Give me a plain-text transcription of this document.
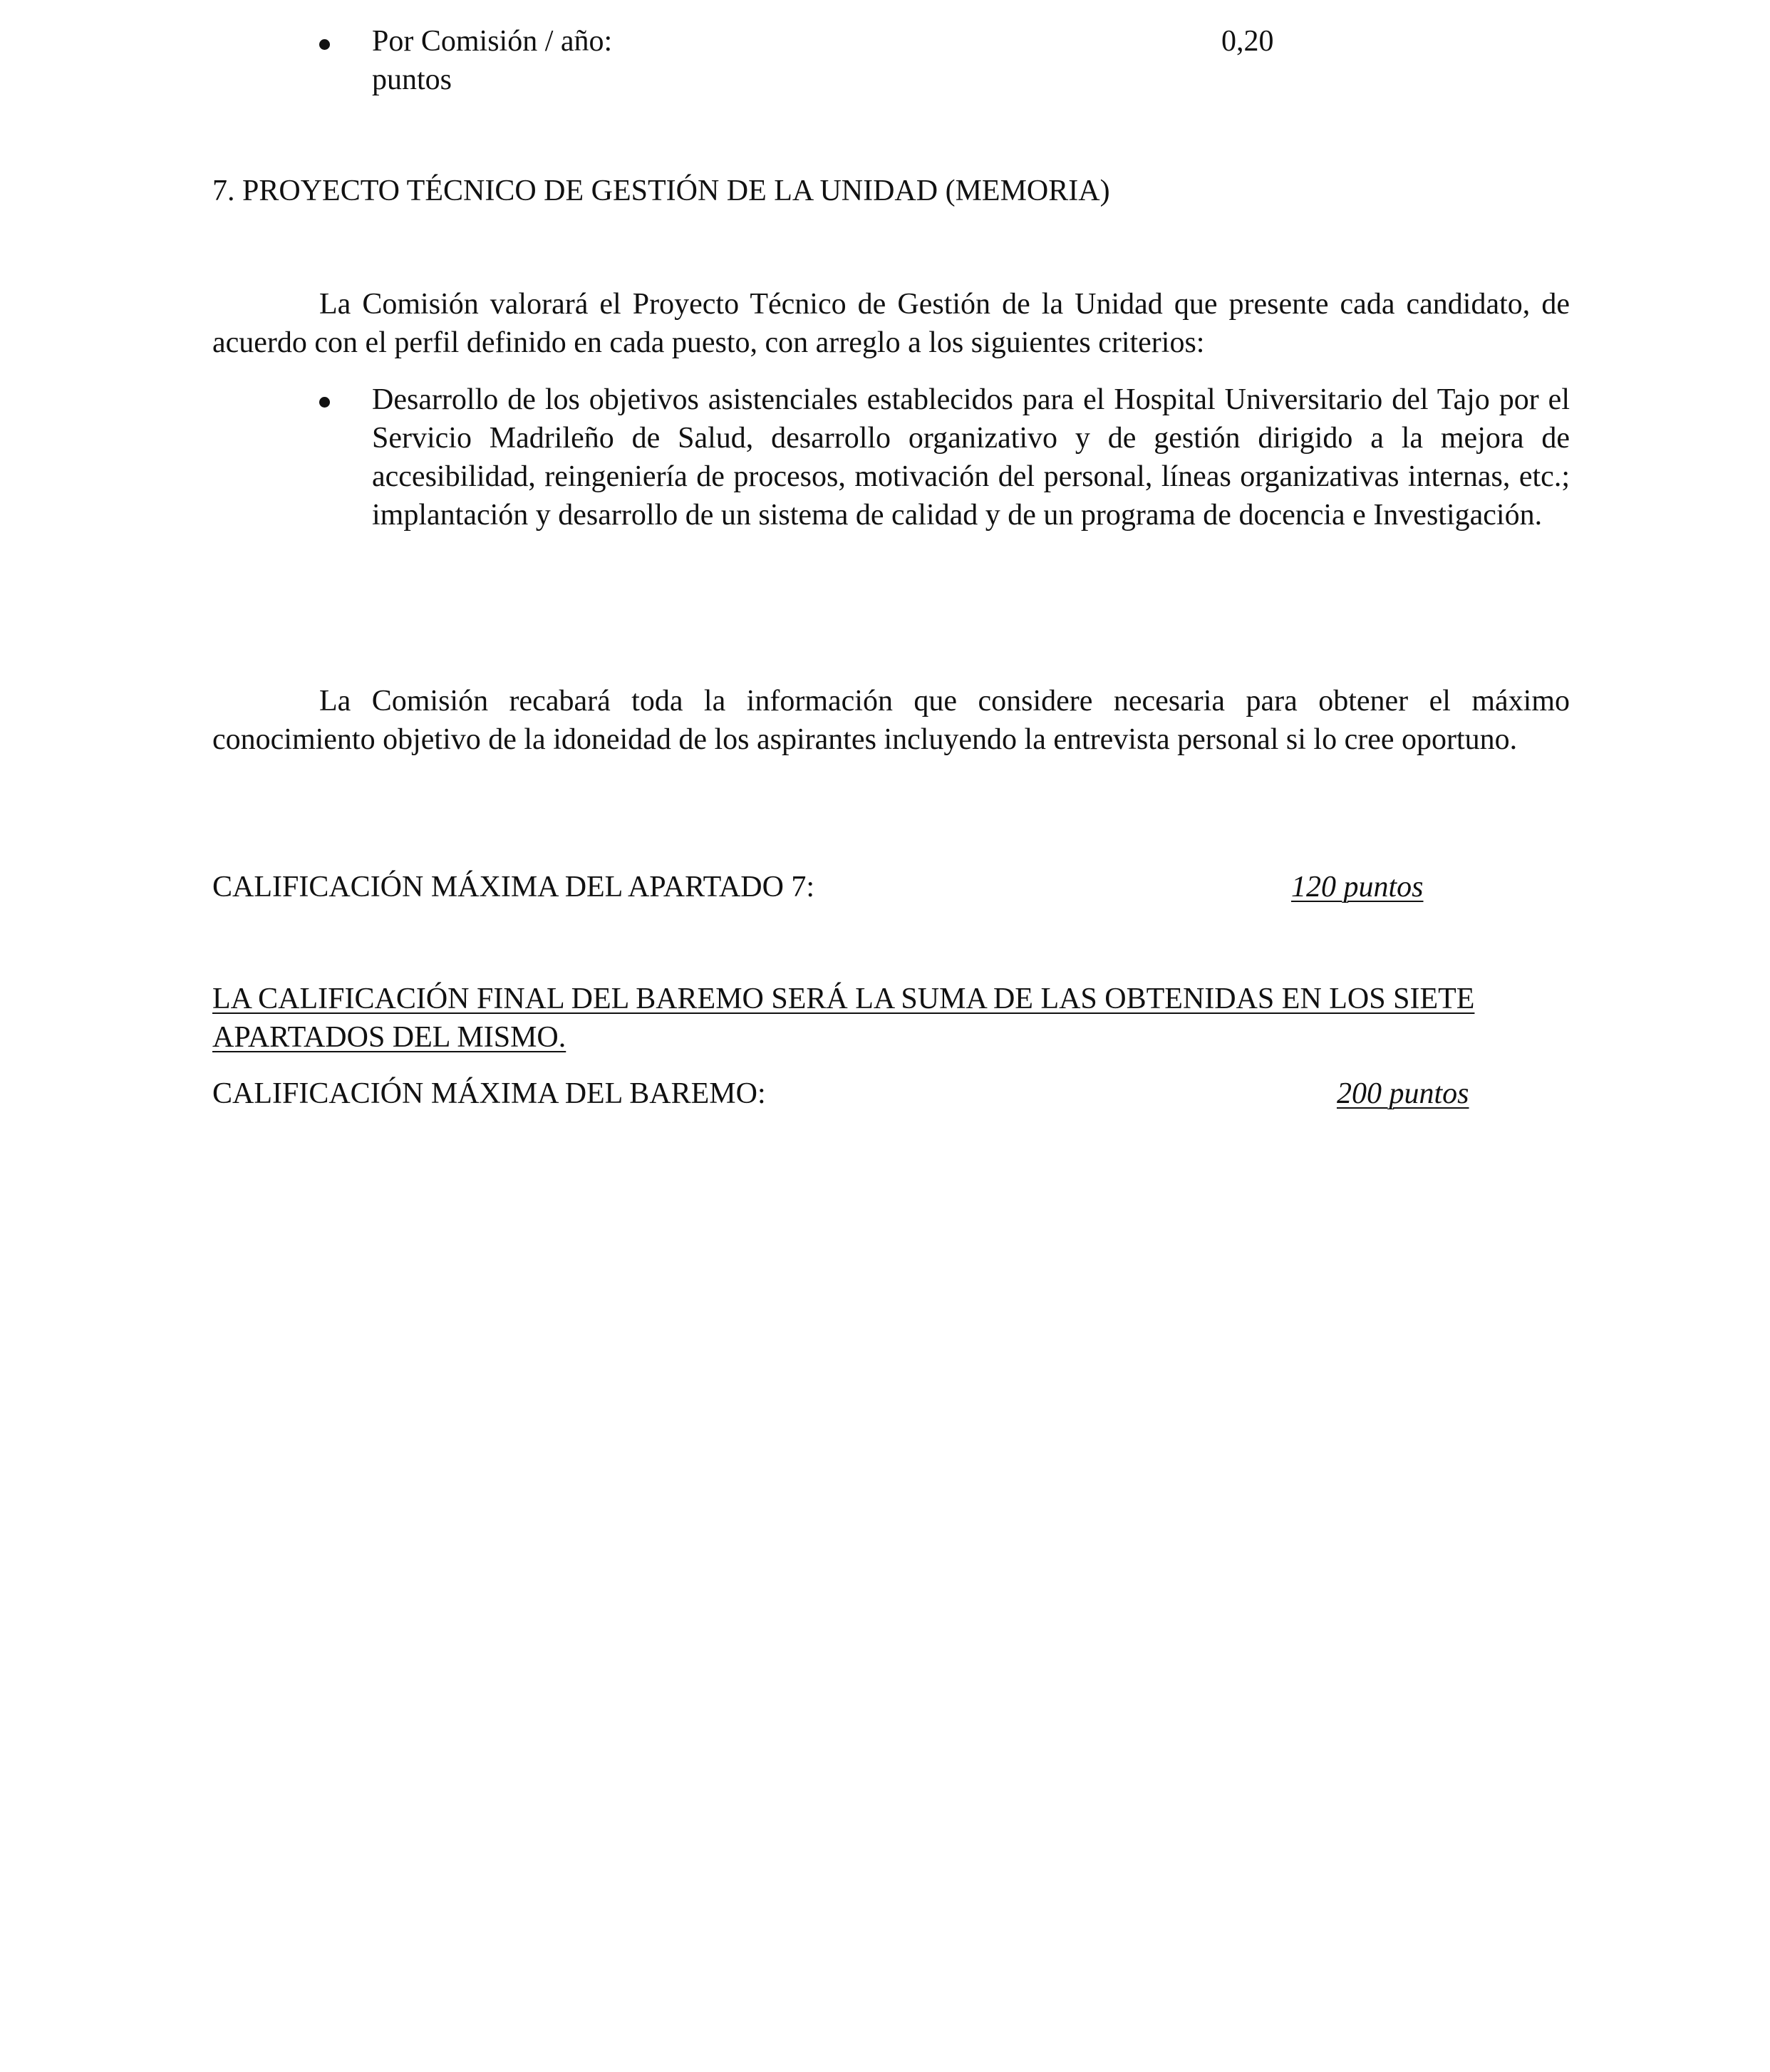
Por Comisión / año:	0,20

puntos

7. PROYECTO TÉCNICO DE GESTIÓN DE LA UNIDAD (MEMORIA)

La Comisión valorará el Proyecto Técnico de Gestión de la Unidad que presente cada candidato, de acuerdo con el perfil definido en cada puesto, con arreglo a los siguientes criterios:

Desarrollo de los objetivos asistenciales establecidos para el Hospital Universitario del Tajo por el Servicio Madrileño de Salud, desarrollo organizativo y de gestión dirigido a la mejora de accesibilidad, reingeniería de procesos, motivación del personal, líneas organizativas internas, etc.; implantación y desarrollo de un sistema de calidad y de un programa de docencia e Investigación.

La Comisión recabará toda la información que considere necesaria para obtener el máximo conocimiento objetivo de la idoneidad de los aspirantes incluyendo la entrevista personal si lo cree oportuno.

CALIFICACIÓN MÁXIMA DEL APARTADO 7:	120 puntos

LA CALIFICACIÓN FINAL DEL BAREMO SERÁ LA SUMA DE LAS OBTENIDAS EN LOS SIETE APARTADOS DEL MISMO.

CALIFICACIÓN MÁXIMA DEL BAREMO:	200 puntos
